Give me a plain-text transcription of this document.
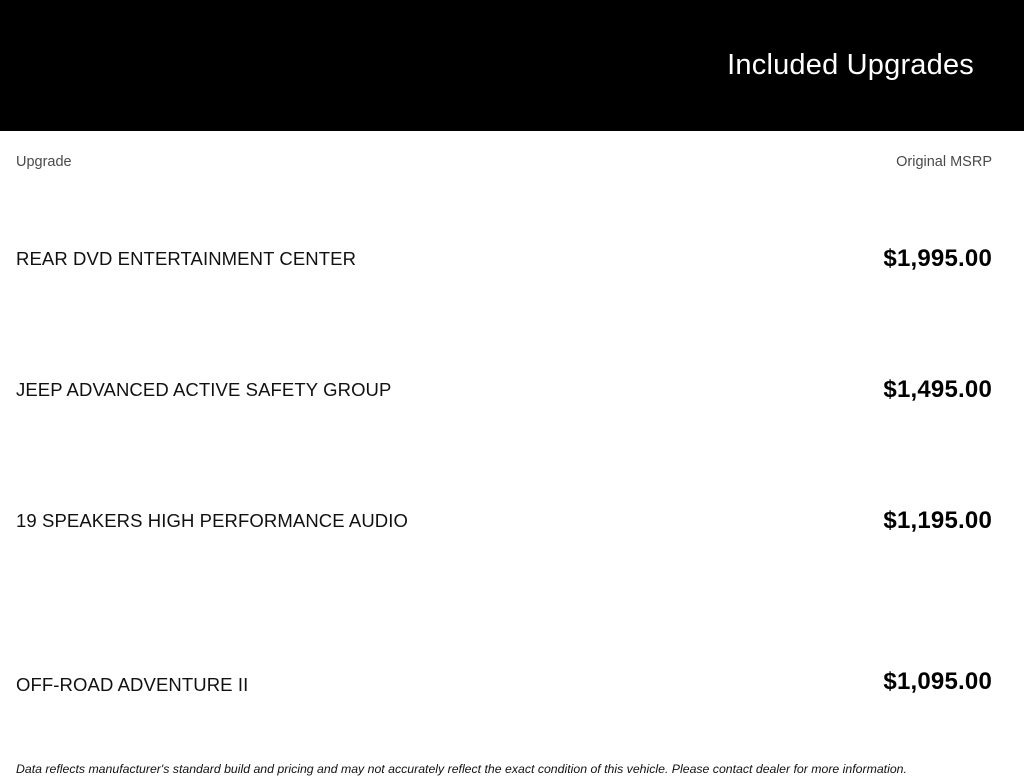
Included Upgrades
Upgrade	Original MSRP
REAR DVD ENTERTAINMENT CENTER	$1,995.00
JEEP ADVANCED ACTIVE SAFETY GROUP	$1,495.00
19 SPEAKERS HIGH PERFORMANCE AUDIO	$1,195.00
OFF-ROAD ADVENTURE II	$1,095.00
Data reflects manufacturer's standard build and pricing and may not accurately reflect the exact condition of this vehicle. Please contact dealer for more information.
